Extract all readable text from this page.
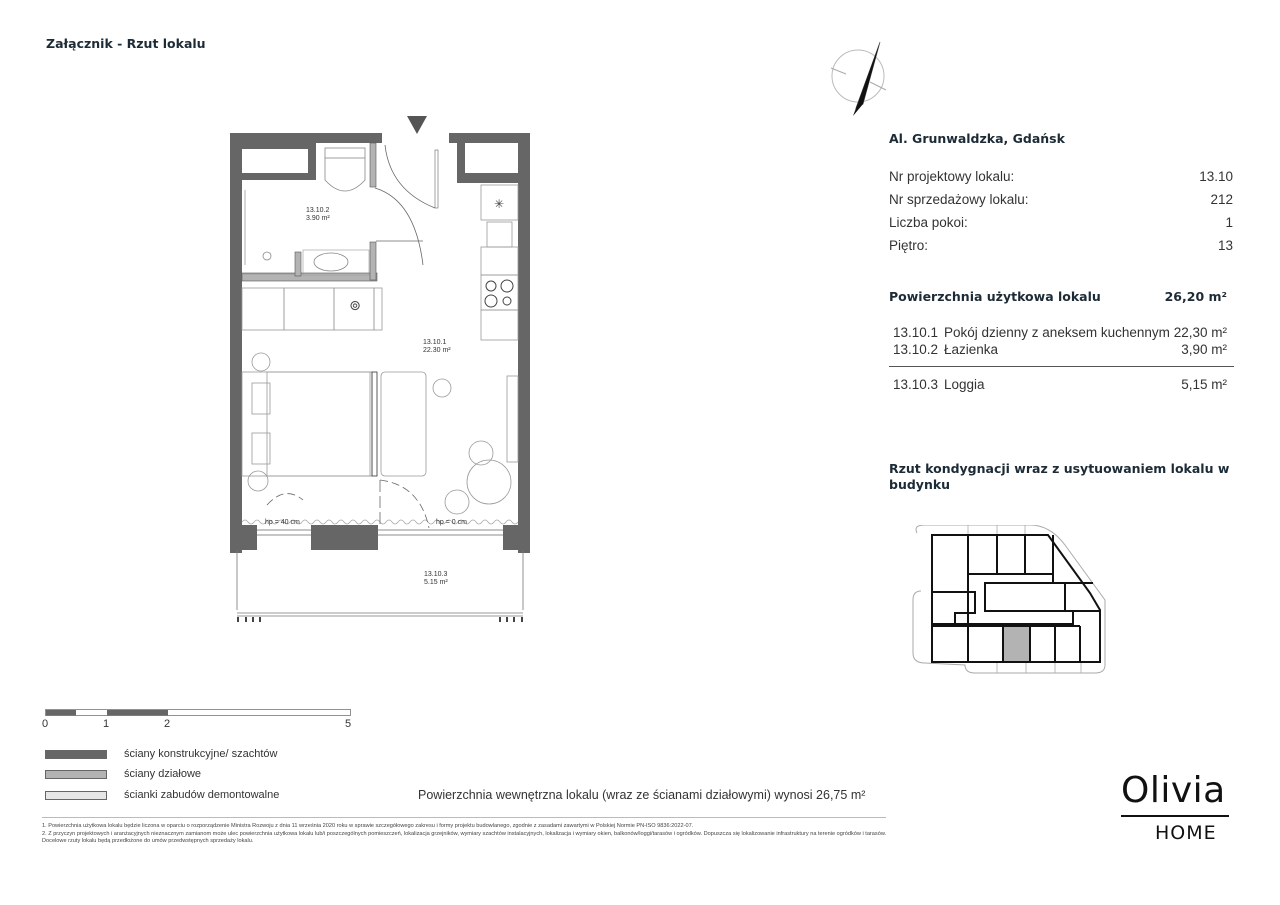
Załącznik - Rzut lokalu
⊚
✳
13.10.2
3.90 m²
13.10.1
22.30 m²
13.10.3
5.15 m²
hp = 40 cm	hp = 0 cm
Al. Grunwaldzka, Gdańsk
Nr projektowy lokalu:	13.10
Nr sprzedażowy lokalu:	212
Liczba pokoi:	1
Piętro:	13
Powierzchnia użytkowa lokalu	26,20 m²
13.10.1 Pokój dzienny z aneksem kuchennym 22,30 m²
13.10.2 Łazienka	3,90 m²
13.10.3 Loggia	5,15 m²
Rzut kondygnacji wraz z usytuowaniem lokalu w budynku
0	1	2	5
ściany konstrukcyjne/ szachtów
ściany działowe
ścianki zabudów demontowalne	Powierzchnia wewnętrzna lokalu (wraz ze ścianami działowymi) wynosi 26,75 m²
1. Powierzchnia użytkowa lokalu będzie liczona w oparciu o rozporządzenie Ministra Rozwoju z dnia 11 września 2020 roku w sprawie szczegółowego zakresu i formy projektu budowlanego, zgodnie z zasadami zawartymi w Polskiej Normie PN-ISO 9836:2022-07.
2. Z przyczyn projektowych i aranżacyjnych nieznacznym zamianom może ulec powierzchnia użytkowa lokalu lub/i poszczególnych pomieszczeń, lokalizacja grzejników, wymiary szachtów instalacyjnych, lokalizacja i wymiary okien, balkonów/loggi/tarasów i ogródków. Dopuszcza się lokalizowanie infrastruktury na terenie ogródków i tarasów. Docelowe rzuty lokalu będą przedłożone do umów przedwstępnych sprzedaży lokalu.
Olivia
HOME
